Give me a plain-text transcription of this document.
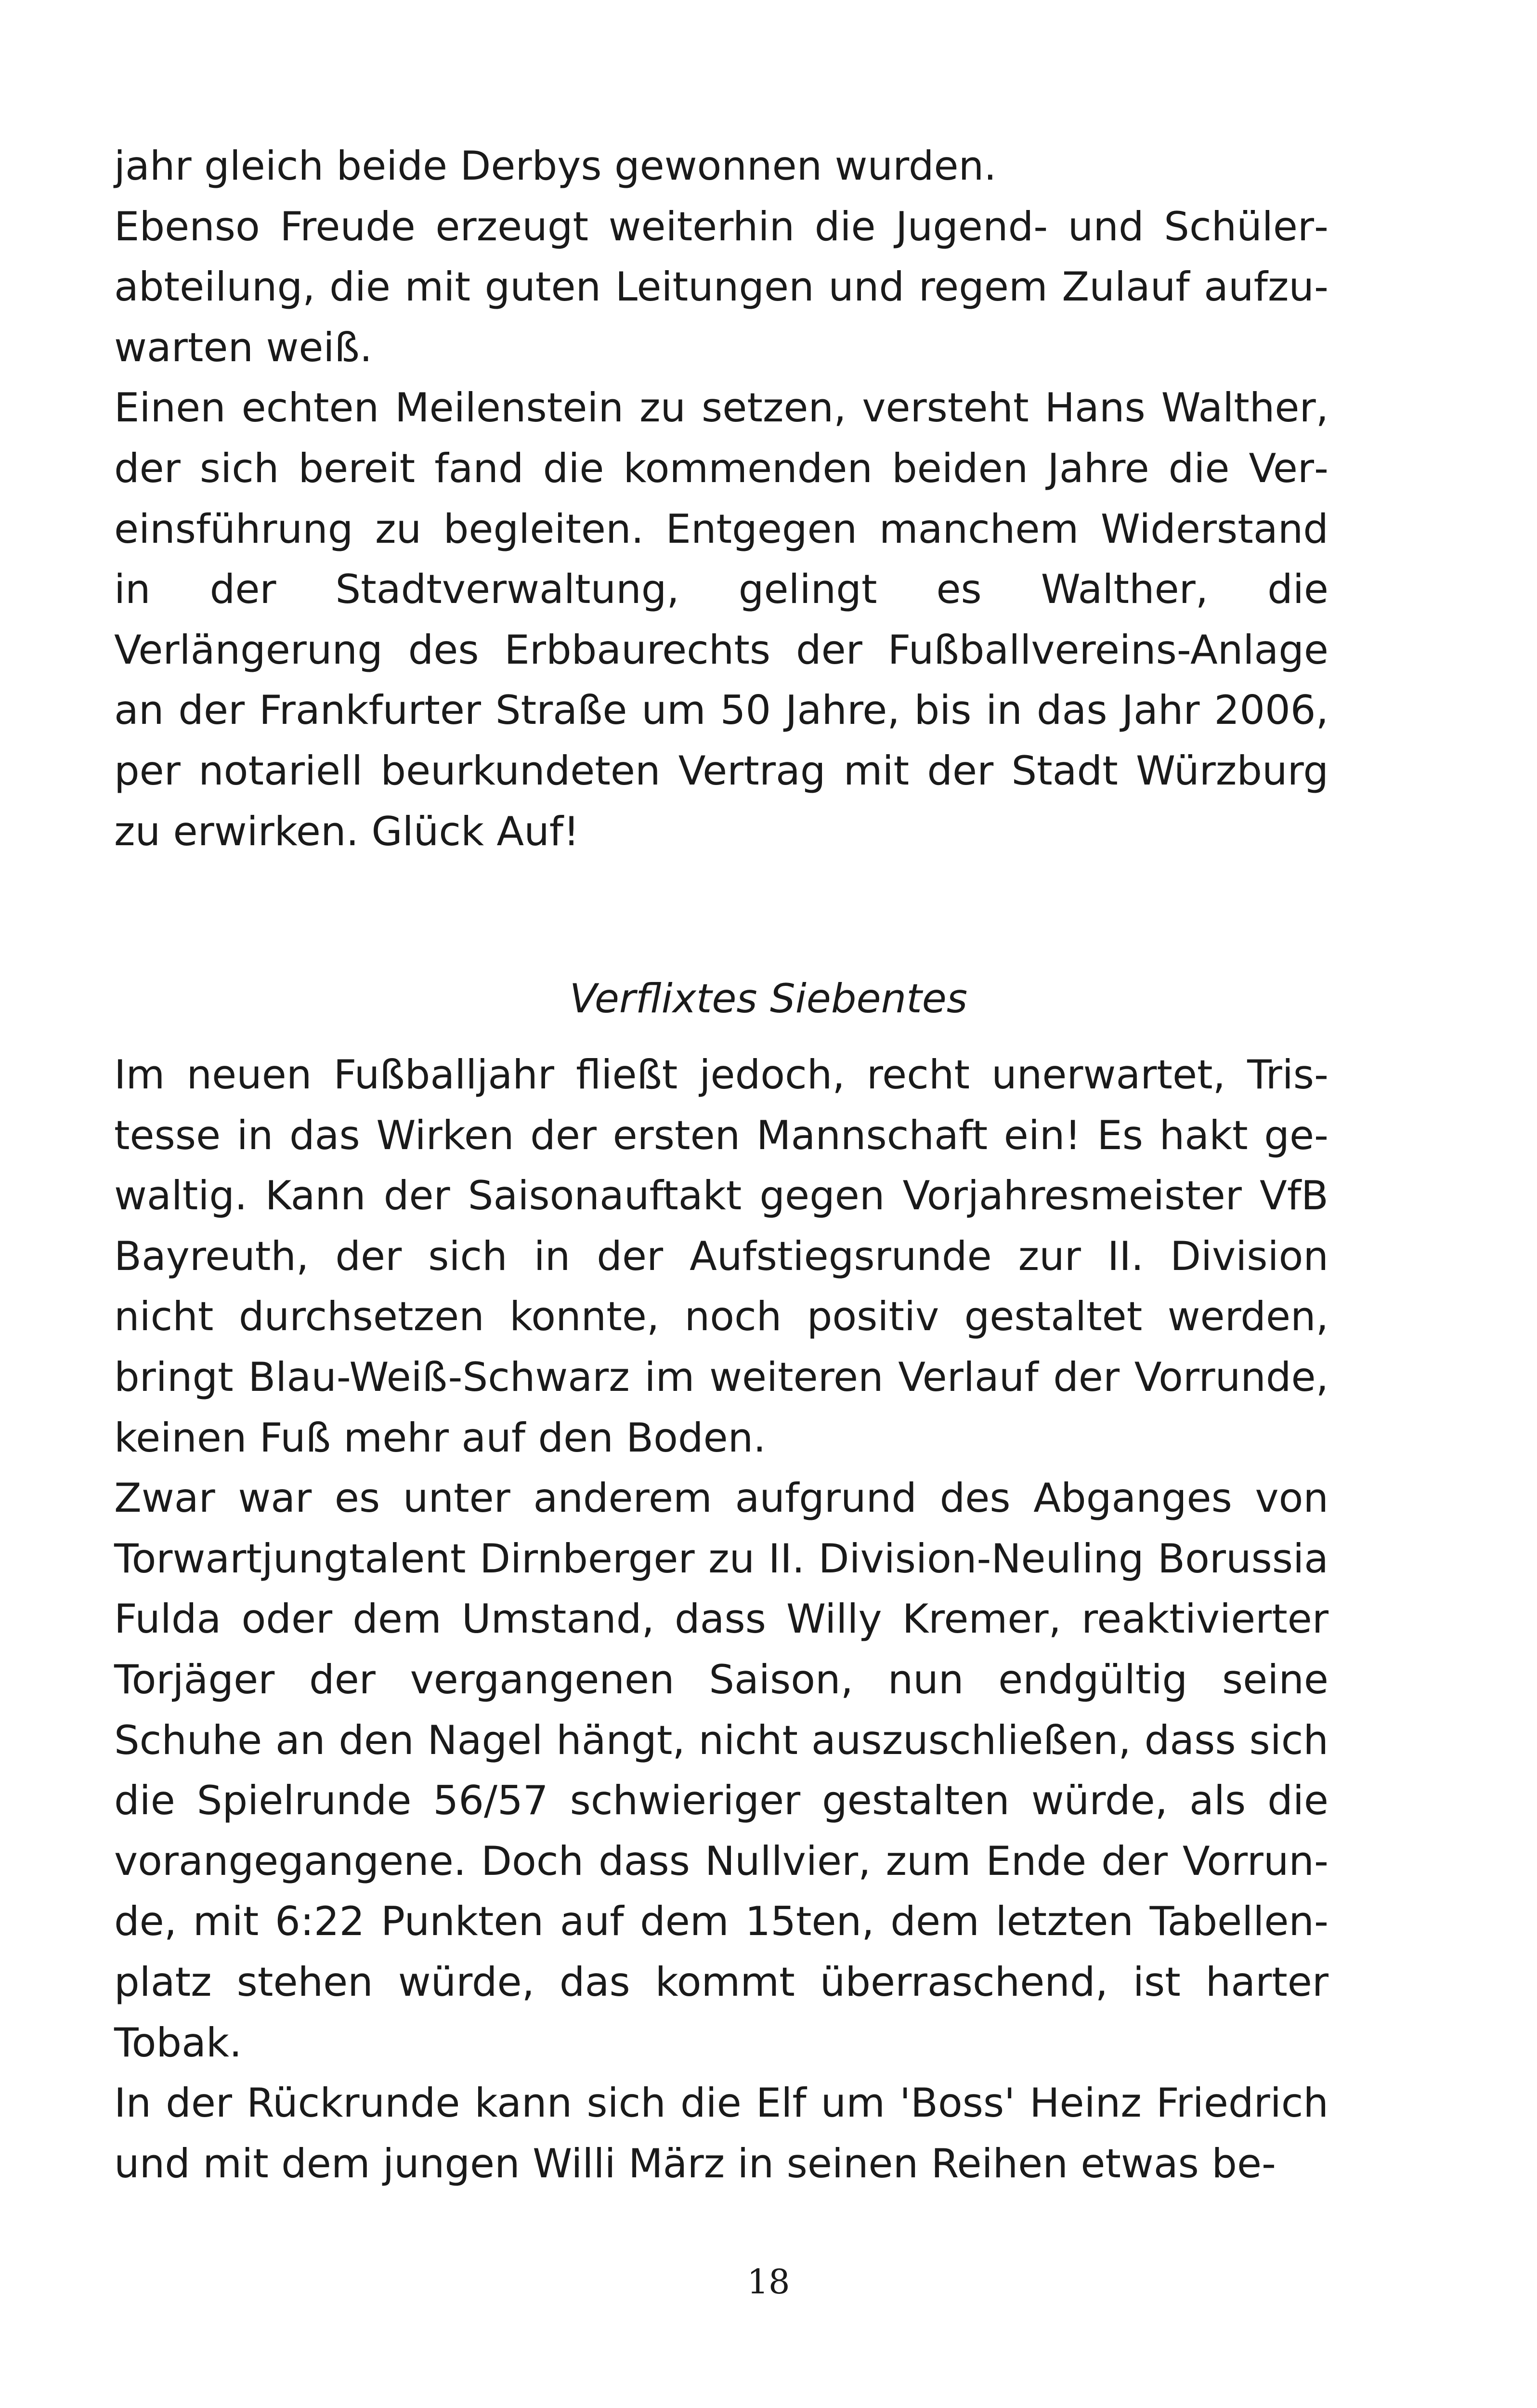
jahr gleich beide Derbys gewonnen wurden.

Ebenso Freude erzeugt weiterhin die Jugend- und Schülerabteilung, die mit guten Leitungen und regem Zulauf aufzuwarten weiß.

Einen echten Meilenstein zu setzen, versteht Hans Walther, der sich bereit fand die kommenden beiden Jahre die Vereinsführung zu begleiten. Entgegen manchem Widerstand in der Stadtverwaltung, gelingt es Walther, die Verlängerung des Erbbaurechts der Fußballvereins-Anlage an der Frankfurter Straße um 50 Jahre, bis in das Jahr 2006, per notariell beurkundeten Vertrag mit der Stadt Würzburg zu erwirken. Glück Auf!

Verflixtes Siebentes

Im neuen Fußballjahr fließt jedoch, recht unerwartet, Tristesse in das Wirken der ersten Mannschaft ein! Es hakt gewaltig. Kann der Saisonauftakt gegen Vorjahresmeister VfB Bayreuth, der sich in der Aufstiegsrunde zur II. Division nicht durchsetzen konnte, noch positiv gestaltet werden, bringt Blau-Weiß-Schwarz im weiteren Verlauf der Vorrunde, keinen Fuß mehr auf den Boden.

Zwar war es unter anderem aufgrund des Abganges von Torwartjungtalent Dirnberger zu II. Division-Neuling Borussia Fulda oder dem Umstand, dass Willy Kremer, reaktivierter Torjäger der vergangenen Saison, nun endgültig seine Schuhe an den Nagel hängt, nicht auszuschließen, dass sich die Spielrunde 56/57 schwieriger gestalten würde, als die vorangegangene. Doch dass Nullvier, zum Ende der Vorrunde, mit 6:22 Punkten auf dem 15ten, dem letzten Tabellenplatz stehen würde, das kommt überraschend, ist harter Tobak.

In der Rückrunde kann sich die Elf um 'Boss' Heinz Friedrich und mit dem jungen Willi März in seinen Reihen etwas be-

18
